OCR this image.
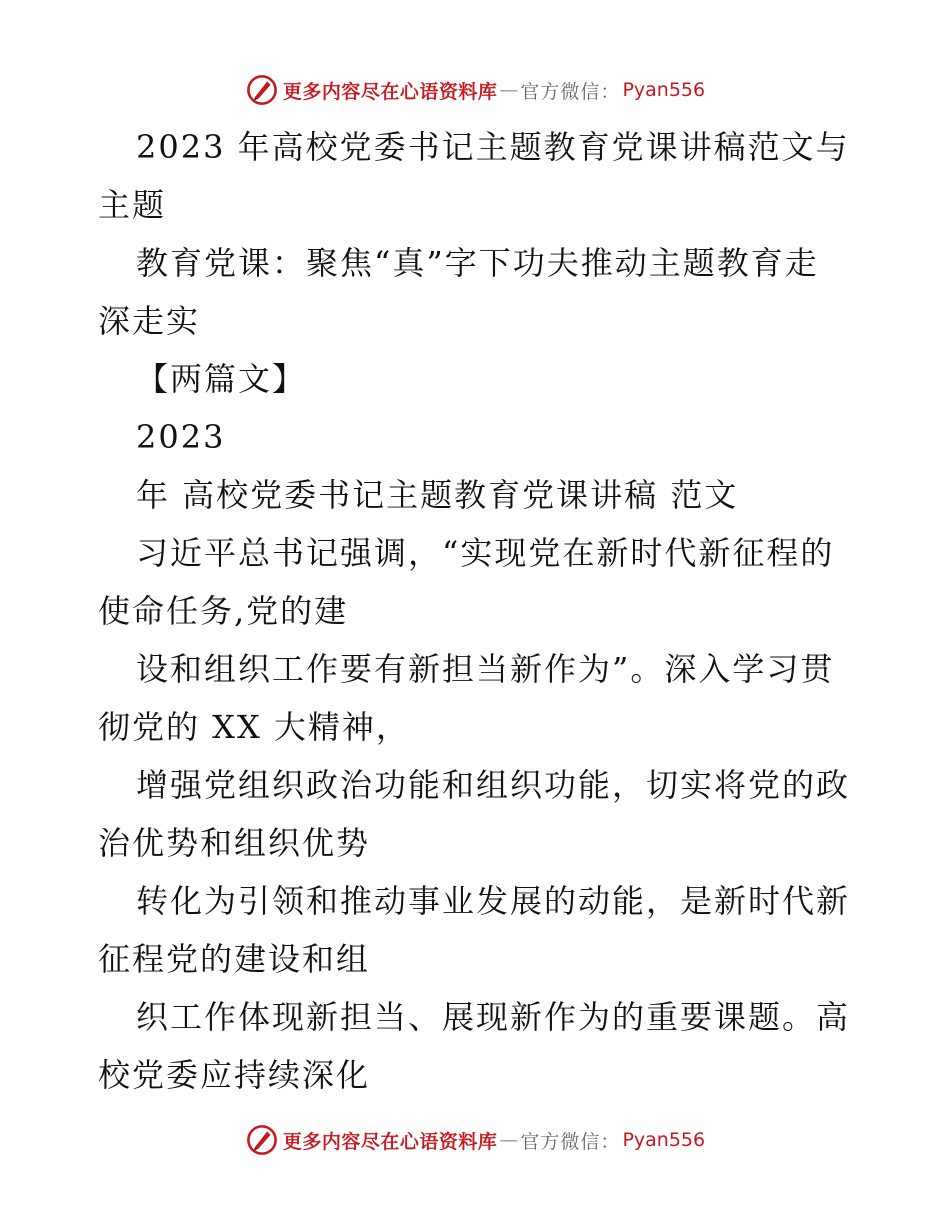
更多内容尽在心语资料库 — 官方微信： Pyan556
2023 年高校党委书记主题教育党课讲稿范文与
主题
教育党课：聚焦“真”字下功夫推动主题教育走
深走实
【两篇文】
2023
年 高校党委书记主题教育党课讲稿 范文
习近平总书记强调，“实现党在新时代新征程的
使命任务,党的建
设和组织工作要有新担当新作为”。深入学习贯
彻党的 XX 大精神，
增强党组织政治功能和组织功能，切实将党的政
治优势和组织优势
转化为引领和推动事业发展的动能，是新时代新
征程党的建设和组
织工作体现新担当、展现新作为的重要课题。高
校党委应持续深化
更多内容尽在心语资料库 — 官方微信： Pyan556
